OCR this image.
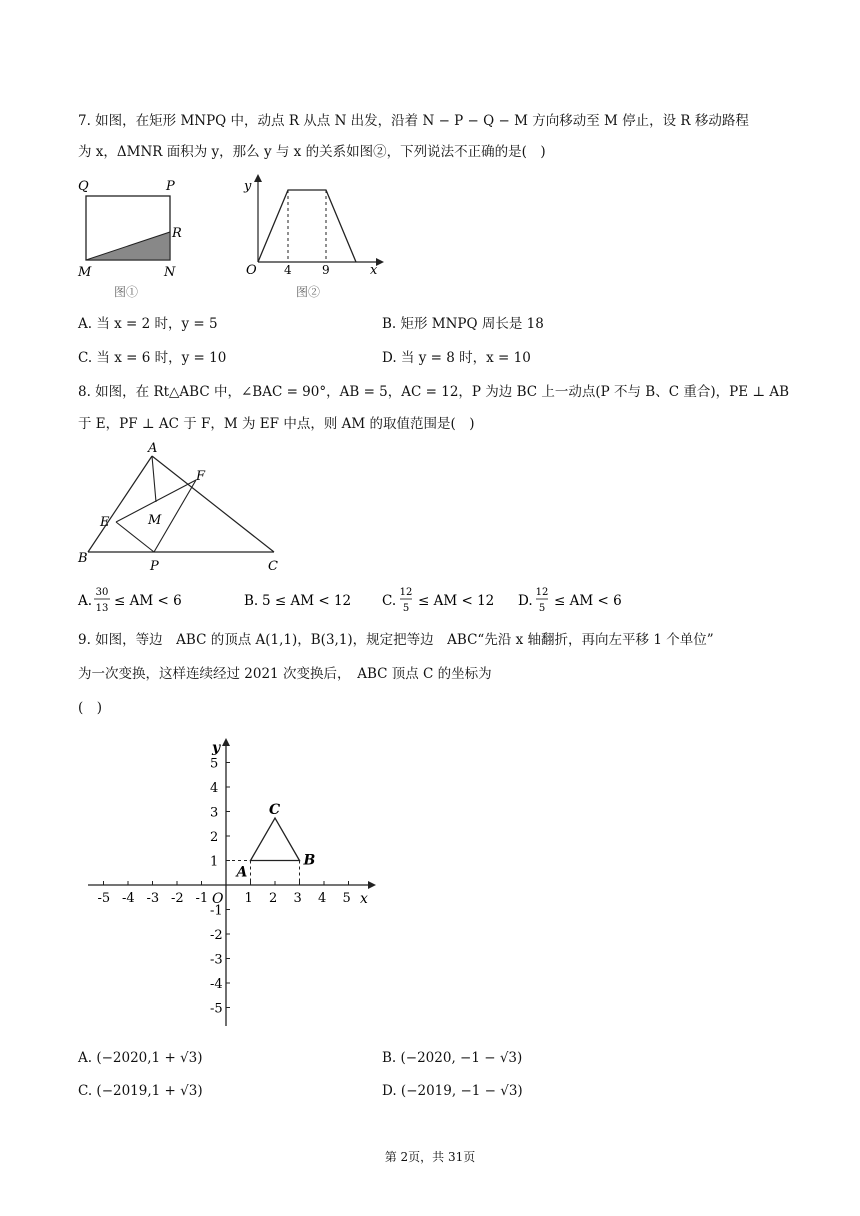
7. 如图，在矩形 MNPQ 中，动点 R 从点 N 出发，沿着 N − P − Q − M 方向移动至 M 停止，设 R 移动路程
为 x，ΔMNR 面积为 y，那么 y 与 x 的关系如图②，下列说法不正确的是(　)
Q	P
R
M	N
图①
y
x
O 4	9
图②
A. 当 x = 2 时，y = 5	B. 矩形 MNPQ 周长是 18
C. 当 x = 6 时，y = 10	D. 当 y = 8 时，x = 10
8. 如图，在 Rt△ABC 中，∠BAC = 90°，AB = 5，AC = 12，P 为边 BC 上一动点(P 不与 B、C 重合)，PE ⊥ AB
于 E，PF ⊥ AC 于 F，M 为 EF 中点，则 AM 的取值范围是(　)
A
B
C
E
F
M
P
A.
30
13 ≤ AM < 6	B. 5 ≤ AM < 12 C.
12
5 ≤ AM < 12 D.
12
5 ≤ AM < 6
9. 如图，等边　ABC 的顶点 A(1,1)，B(3,1)，规定把等边　ABC“先沿 x 轴翻折，再向左平移 1 个单位”
为一次变换，这样连续经过 2021 次变换后，　ABC 顶点 C 的坐标为
(　)
-5 -4 -3 -2 -1	1 2 3 4 5
5
4
3
2
1
-1
-2
-3
-4
-5
O	x
y
A
B
C
A. (−2020,1 + √3)	B. (−2020, −1 − √3)
C. (−2019,1 + √3)	D. (−2019, −1 − √3)
第 2页，共 31页
